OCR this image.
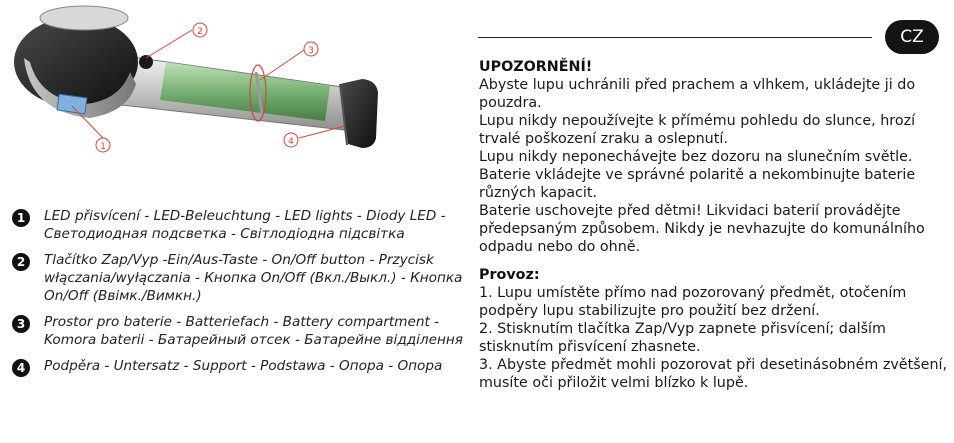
1
2
3
4
1	LED přisvícení - LED-Beleuchtung - LED lights - Diody LED - Светодиодная подсветка - Світлодіодна підсвітка
2	Tlačítko Zap/Vyp -Ein/Aus-Taste - On/Off button - Przycisk włączania/wyłączania - Кнопка On/Off (Вкл./Выкл.) - Кнопка On/Off (Ввімк./Вимкн.)
3	Prostor pro baterie - Batteriefach - Battery compartment - Komora baterii - Батарейный отсек - Батарейне відділення
4	Podpěra - Untersatz - Support - Podstawa - Опора - Опора
CZ
UPOZORNĚNÍ!
Abyste lupu uchránili před prachem a vlhkem, ukládejte ji do pouzdra.
Lupu nikdy nepoužívejte k přímému pohledu do slunce, hrozí trvalé poškození zraku a oslepnutí.
Lupu nikdy neponechávejte bez dozoru na slunečním světle.
Baterie vkládejte ve správné polaritě a nekombinujte baterie různých kapacit.
Baterie uschovejte před dětmi! Likvidaci baterií provádějte předepsaným způsobem. Nikdy je nevhazujte do komunálního odpadu nebo do ohně.
Provoz:
1. Lupu umístěte přímo nad pozorovaný předmět, otočením podpěry lupu stabilizujte pro použití bez držení.
2. Stisknutím tlačítka Zap/Vyp zapnete přisvícení; dalším stisknutím přisvícení zhasnete.
3. Abyste předmět mohli pozorovat při desetinásobném zvětšení, musíte oči přiložit velmi blízko k lupě.
